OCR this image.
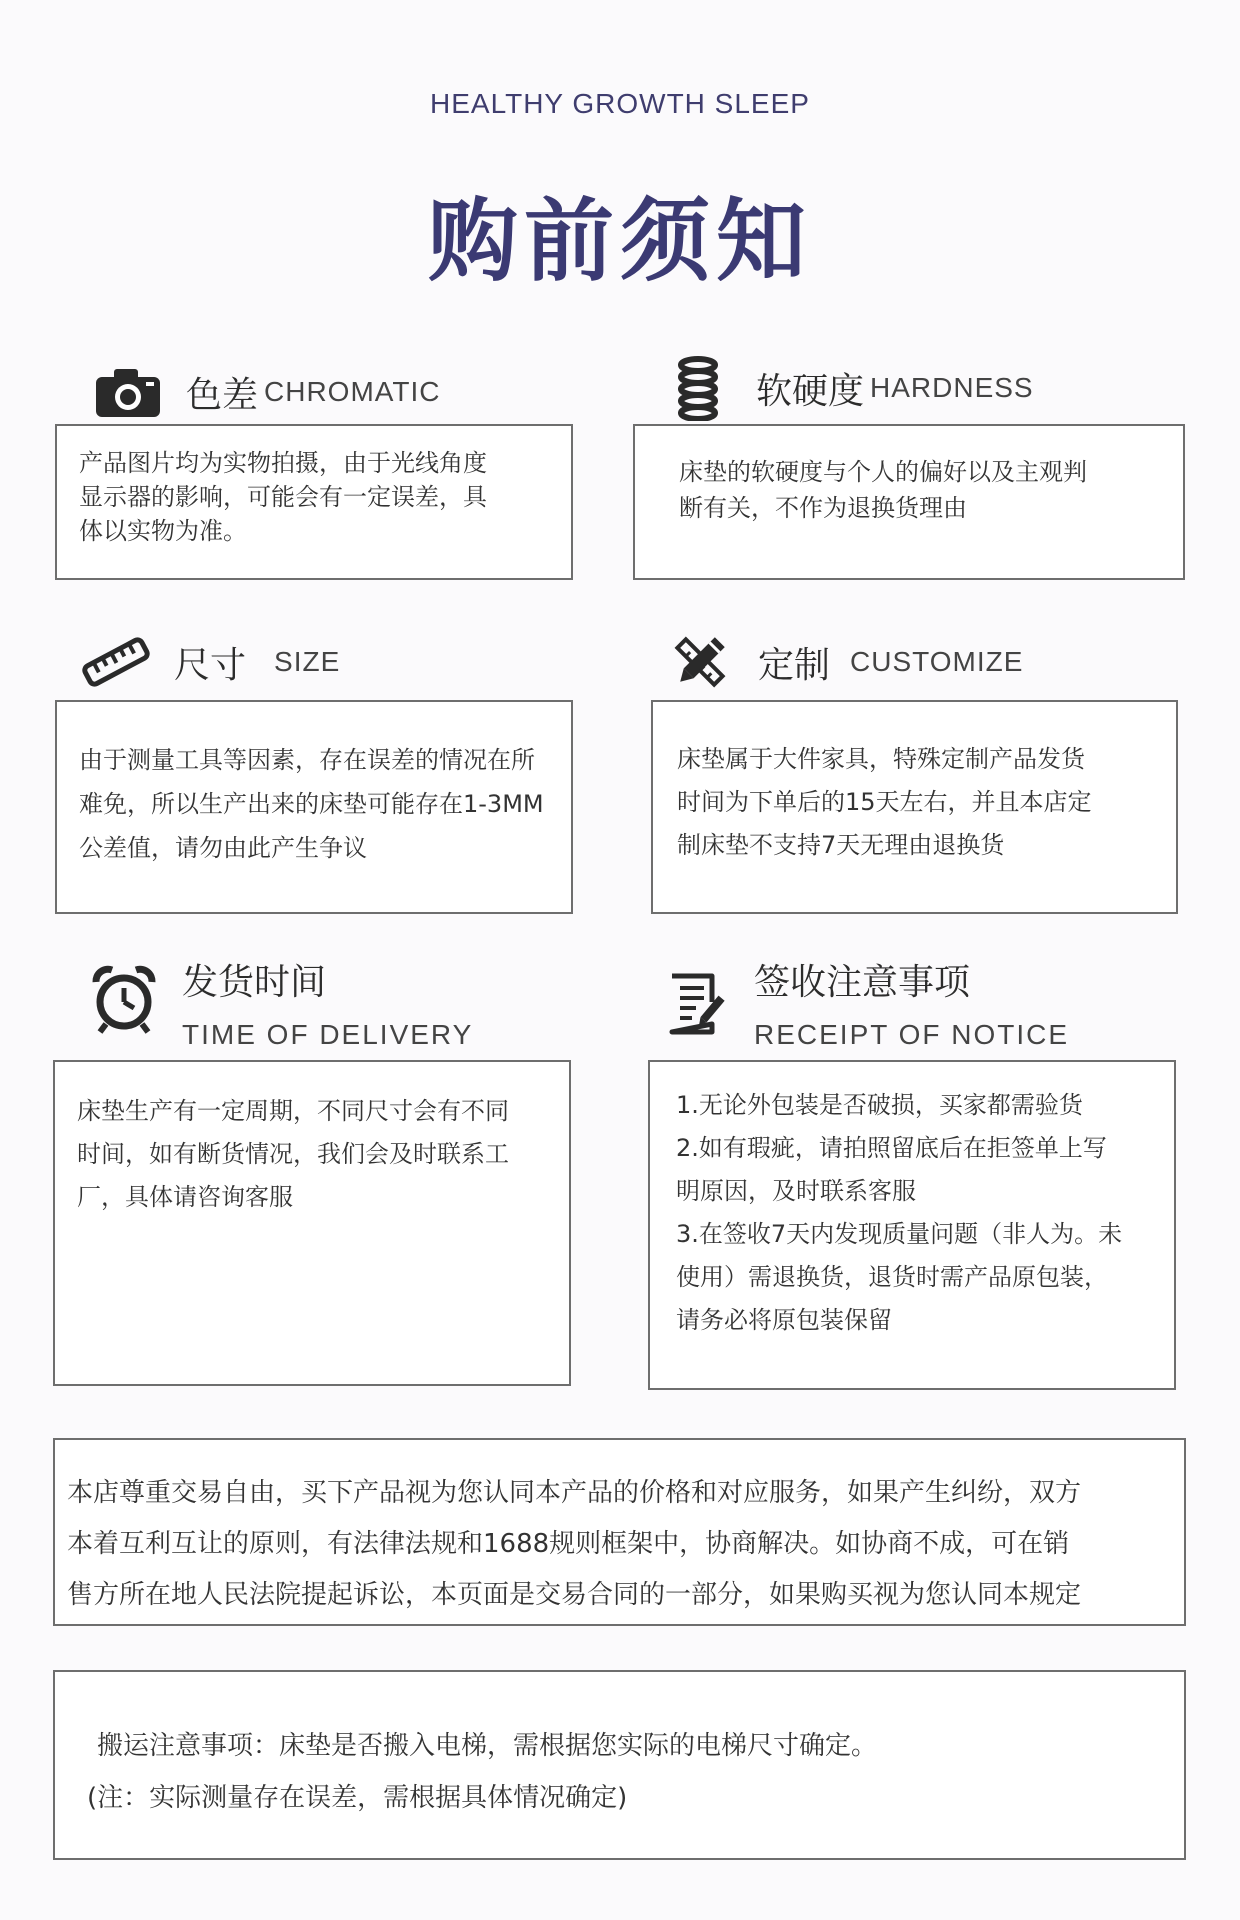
HEALTHY GROWTH SLEEP
购前须知
色差 CHROMATIC
产品图片均为实物拍摄，由于光线角度
显示器的影响，可能会有一定误差，具
体以实物为准。
软硬度 HARDNESS
床垫的软硬度与个人的偏好以及主观判
断有关，不作为退换货理由
尺寸 SIZE
由于测量工具等因素，存在误差的情况在所
难免，所以生产出来的床垫可能存在1-3MM
公差值，请勿由此产生争议
定制 CUSTOMIZE
床垫属于大件家具，特殊定制产品发货
时间为下单后的15天左右，并且本店定
制床垫不支持7天无理由退换货
发货时间
TIME OF DELIVERY
床垫生产有一定周期，不同尺寸会有不同
时间，如有断货情况，我们会及时联系工
厂，具体请咨询客服
签收注意事项
RECEIPT OF NOTICE
1.无论外包装是否破损，买家都需验货
2.如有瑕疵，请拍照留底后在拒签单上写
明原因，及时联系客服
3.在签收7天内发现质量问题（非人为。未
使用）需退换货，退货时需产品原包装，
请务必将原包装保留
本店尊重交易自由，买下产品视为您认同本产品的价格和对应服务，如果产生纠纷，双方
本着互利互让的原则，有法律法规和1688规则框架中，协商解决。如协商不成，可在销
售方所在地人民法院提起诉讼，本页面是交易合同的一部分，如果购买视为您认同本规定
搬运注意事项：床垫是否搬入电梯，需根据您实际的电梯尺寸确定。
(注：实际测量存在误差，需根据具体情况确定)
